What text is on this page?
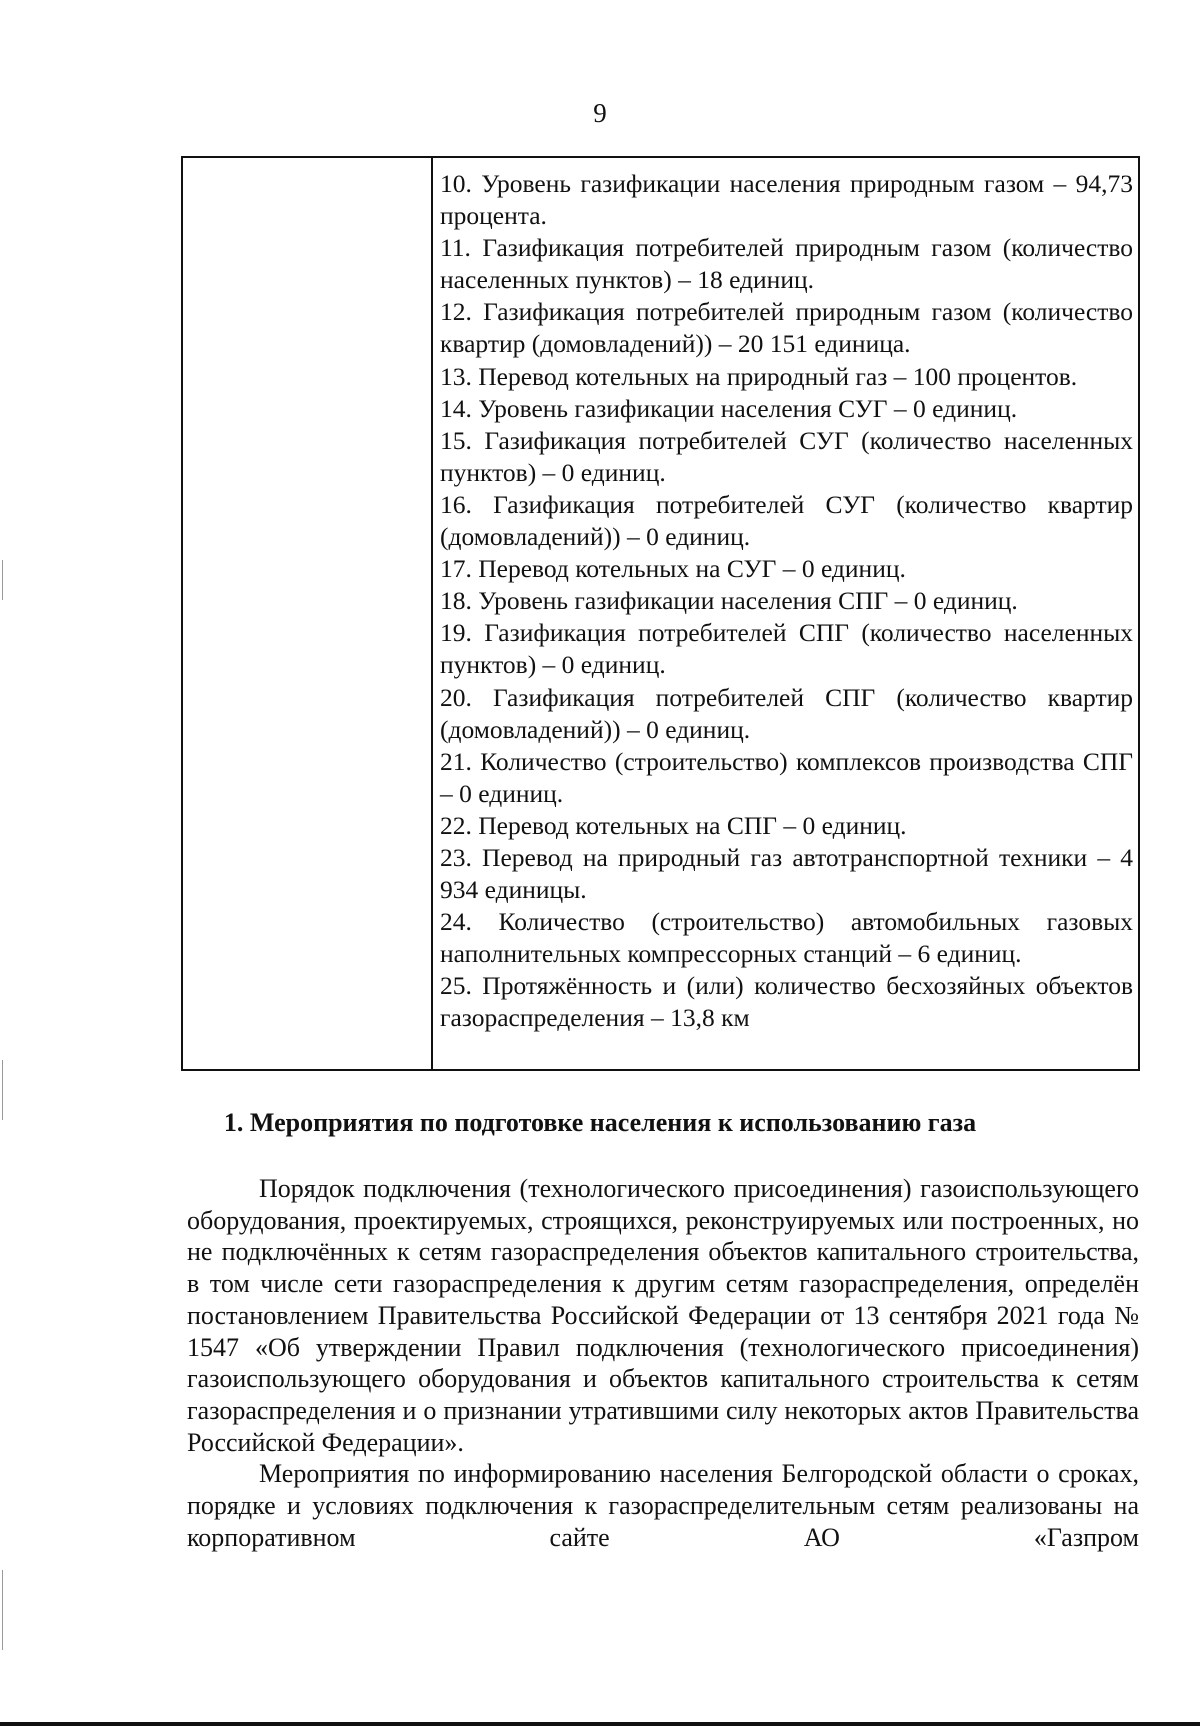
9
10. Уровень газификации населения природным газом – 94,73 процента.
11. Газификация потребителей природным газом (количество населенных пунктов) – 18 единиц.
12. Газификация потребителей природным газом (количество квартир (домовладений)) – 20 151 единица.
13. Перевод котельных на природный газ – 100 процентов.
14. Уровень газификации населения СУГ – 0 единиц.
15. Газификация потребителей СУГ (количество населенных пунктов) – 0 единиц.
16. Газификация потребителей СУГ (количество квартир (домовладений)) – 0 единиц.
17. Перевод котельных на СУГ – 0 единиц.
18. Уровень газификации населения СПГ – 0 единиц.
19. Газификация потребителей СПГ (количество населенных пунктов) – 0 единиц.
20. Газификация потребителей СПГ (количество квартир (домовладений)) – 0 единиц.
21. Количество (строительство) комплексов производства СПГ – 0 единиц.
22. Перевод котельных на СПГ – 0 единиц.
23. Перевод на природный газ автотранспортной техники – 4 934 единицы.
24. Количество (строительство) автомобильных газовых наполнительных компрессорных станций – 6 единиц.
25. Протяжённость и (или) количество бесхозяйных объектов газораспределения – 13,8 км
1. Мероприятия по подготовке населения к использованию газа

Порядок подключения (технологического присоединения) газоиспользующего оборудования, проектируемых, строящихся, реконструируемых или построенных, но не подключённых к сетям газораспределения объектов капитального строительства, в том числе сети газораспределения к другим сетям газораспределения, определён постановлением Правительства Российской Федерации от 13 сентября 2021 года № 1547 «Об утверждении Правил подключения (технологического присоединения) газоиспользующего оборудования и объектов капитального строительства к сетям газораспределения и о признании утратившими силу некоторых актов Правительства Российской Федерации».

Мероприятия по информированию населения Белгородской области о сроках, порядке и условиях подключения к газораспределительным сетям реализованы на корпоративном сайте АО «Газпром
